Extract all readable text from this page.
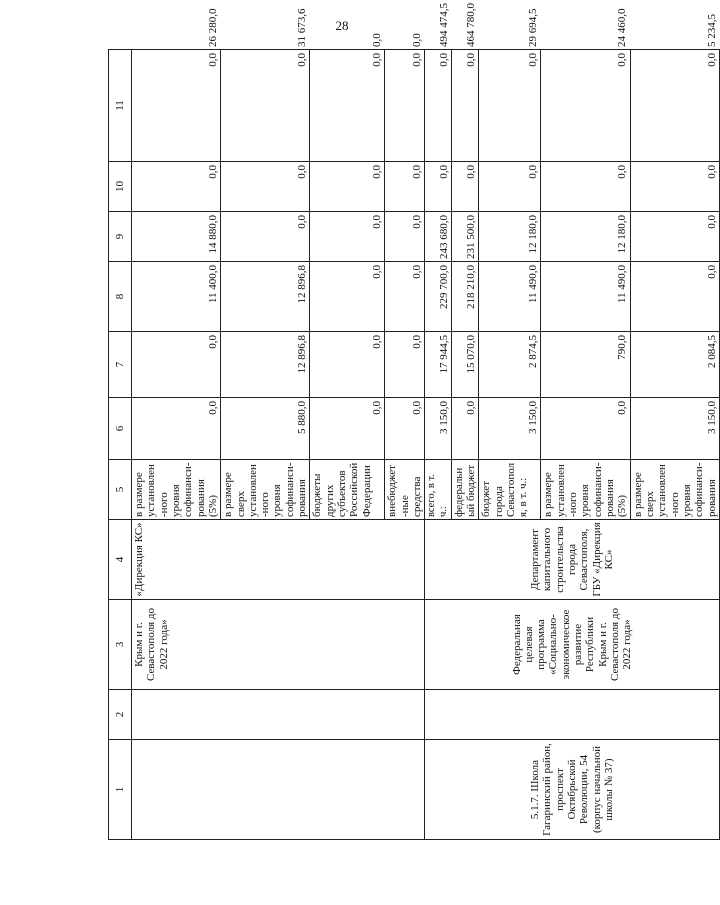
28
1	2	3	4	5	6	7	8	9	10	11	
		Крым и г. Севастополя до 2022 года»	«Дирекция КС»	в размере установлен-ного уровня софинанси-рования (5%)	0,0	0,0	11 400,0	14 880,0	0,0	0,0	26 280,0
				в размере сверх установлен-ного уровня софинанси-рования	5 880,0	12 896,8	12 896,8	0,0	0,0	0,0	31 673,6
				бюджеты других субъектов Российской Федерации	0,0	0,0	0,0	0,0	0,0	0,0	0,0
				внебюджет-ные средства	0,0	0,0	0,0	0,0	0,0	0,0	0,0
5.1.7. Школа Гагаринский район, проспект Октябрьской Революции, 54 (корпус начальной школы № 37)		Федеральная целевая программа «Социально-экономическое развитие Республики Крым и г. Севастополя до 2022 года»	Департамент капитального строительства города Севастополя, ГБУ «Дирекция КС»	всего, в т. ч.:	3 150,0	17 944,5	229 700,0	243 680,0	0,0	0,0	494 474,5
				федеральный бюджет	0,0	15 070,0	218 210,0	231 500,0	0,0	0,0	464 780,0
				бюджет города Севастополя, в т. ч.:	3 150,0	2 874,5	11 490,0	12 180,0	0,0	0,0	29 694,5
				в размере установлен-ного уровня софинанси-рования (5%)	0,0	790,0	11 490,0	12 180,0	0,0	0,0	24 460,0
				в размере сверх установлен-ного уровня софинанси-рования	3 150,0	2 084,5	0,0	0,0	0,0	0,0	5 234,5
